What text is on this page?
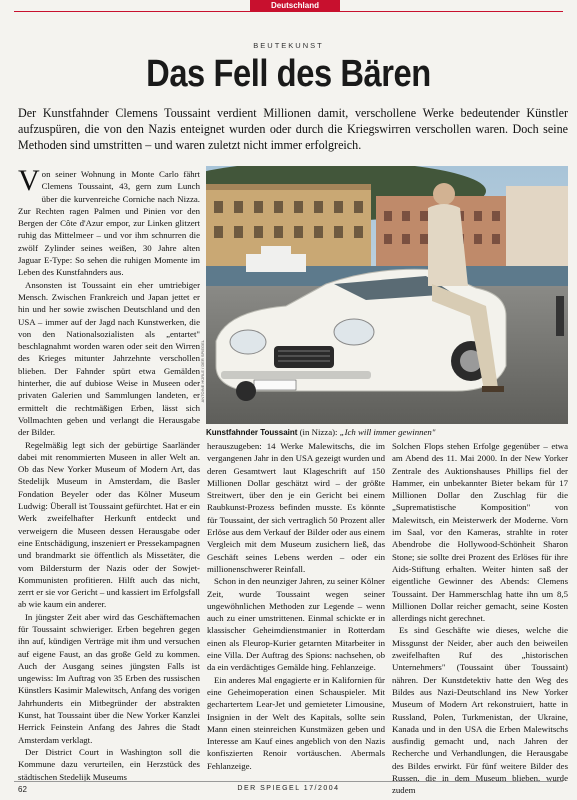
Deutschland
BEUTEKUNST
Das Fell des Bären

Der Kunstfahnder Clemens Toussaint verdient Millionen damit, verschollene Werke bedeutender Künstler aufzuspüren, die von den Nazis enteignet wurden oder durch die Kriegswirren verschollen waren. Doch seine Methoden sind umstritten – und waren zuletzt nicht immer erfolgreich.

Von seiner Wohnung in Monte Carlo fährt Clemens Toussaint, 43, gern zum Lunch über die kurvenreiche Corniche nach Nizza. Zur Rechten ragen Palmen und Pinien vor den Bergen der Côte d'Azur empor, zur Linken glitzert ruhig das Mittelmeer – und vor ihm schnurren die zwölf Zylinder seines weißen, 30 Jahre alten Jaguar E-Type: So sehen die ruhigen Momente im Leben des Kunstfahnders aus.

Ansonsten ist Toussaint ein eher umtriebiger Mensch. Zwischen Frankreich und Japan jettet er hin und her sowie zwischen Deutschland und den USA – immer auf der Jagd nach Kunstwerken, die von den Nationalsozialisten als „entartet" beschlagnahmt worden waren oder seit den Wirren des Krieges mitunter Jahrzehnte verschollen blieben. Der Fahnder spürt etwa Gemälden hinterher, die auf dubiose Weise in Museen oder privaten Galerien und Sammlungen landeten, er ermittelt die rechtmäßigen Erben, lässt sich Vollmachten geben und verlangt die Herausgabe der Bilder.

Regelmäßig legt sich der gebürtige Saarländer dabei mit renommierten Museen in aller Welt an. Ob das New Yorker Museum of Modern Art, das Stedelijk Museum in Amsterdam, die Basler Fondation Beyeler oder das Kölner Museum Ludwig: Überall ist Toussaint gefürchtet. Hat er ein Werk zweifelhafter Herkunft entdeckt und verweigern die Museen dessen Herausgabe oder eine Entschädigung, inszeniert er Pressekampagnen und brandmarkt sie öffentlich als Missetäter, die vom Bildersturm der Nazis oder der Sowjet-Kommunisten profitieren. Hilft auch das nicht, zerrt er sie vor Gericht – und kassiert im Erfolgsfall ab wie kaum ein anderer.

In jüngster Zeit aber wird das Geschäftemachen für Toussaint schwieriger. Erben begehren gegen ihn auf, kündigen Verträge mit ihm und versuchen auf eigene Faust, an das große Geld zu kommen. Auch der Ausgang seines jüngsten Falls ist ungewiss: Im Auftrag von 35 Erben des russischen Künstlers Kasimir Malewitsch, Anfang des vorigen Jahrhunderts ein Mitbegründer der abstrakten Kunst, hat Toussaint über die New Yorker Kanzlei Herrick Feinstein Anfang des Jahres die Stadt Amsterdam verklagt.

Der District Court in Washington soll die Kommune dazu verurteilen, ein Herzstück des städtischen Stedelijk Museums

ANTOINE HÜRLE / DER SPIEGEL
Kunstfahnder Toussaint (in Nizza): „Ich will immer gewinnen"

herauszugeben: 14 Werke Malewitschs, die im vergangenen Jahr in den USA gezeigt wurden und deren Gesamtwert laut Klageschrift auf 150 Millionen Dollar geschätzt wird – der größte Streitwert, über den je ein Gericht bei einem Raubkunst-Prozess befinden musste. Es könnte für Toussaint, der sich vertraglich 50 Prozent aller Erlöse aus dem Verkauf der Bilder oder aus einem Vergleich mit dem Museum zusichern ließ, das Geschäft seines Lebens werden – oder ein millionenschwerer Reinfall.

Schon in den neunziger Jahren, zu seiner Kölner Zeit, wurde Toussaint wegen seiner ungewöhnlichen Methoden zur Legende – wenn auch zu einer umstrittenen. Einmal schickte er in klassischer Geheimdienstmanier in Rotterdam einen als Fleurop-Kurier getarnten Mitarbeiter in eine Villa. Der Auftrag des Spions: nachsehen, ob da ein verdächtiges Gemälde hing. Fehlanzeige.

Ein anderes Mal engagierte er in Kalifornien für eine Geheimoperation einen Schauspieler. Mit gechartertem Lear-Jet und gemieteter Limousine, Insignien in der Welt des Kapitals, sollte sein Mann einen steinreichen Kunstmäzen geben und Interesse am Kauf eines angeblich von den Nazis konfiszierten Renoir vortäuschen. Abermals Fehlanzeige.

Solchen Flops stehen Erfolge gegenüber – etwa am Abend des 11. Mai 2000. In der New Yorker Zentrale des Auktionshauses Phillips fiel der Hammer, ein unbekannter Bieter bekam für 17 Millionen Dollar den Zuschlag für die „Suprematistische Komposition" von Malewitsch, ein Meisterwerk der Moderne. Vorn im Saal, vor den Kameras, strahlte in roter Abendrobe die Hollywood-Schönheit Sharon Stone; sie sollte drei Prozent des Erlöses für ihre Aids-Stiftung erhalten. Weiter hinten saß der eigentliche Gewinner des Abends: Clemens Toussaint. Der Hammerschlag hatte ihn um 8,5 Millionen Dollar reicher gemacht, seine Kosten allerdings nicht gerechnet.

Es sind Geschäfte wie dieses, welche die Missgunst der Neider, aber auch den beiweilen zweifelhaften Ruf des „historischen Unternehmers" (Toussaint über Toussaint) nähren. Der Kunstdetektiv hatte den Weg des Bildes aus Nazi-Deutschland ins New Yorker Museum of Modern Art rekonstruiert, hatte in Russland, Polen, Turkmenistan, der Ukraine, Kanada und in den USA die Erben Malewitschs ausfindig gemacht und, nach Jahren der Recherche und Verhandlungen, die Herausgabe des Bildes erwirkt. Für fünf weitere Bilder des Russen, die in dem Museum blieben, wurde zudem

62	DER SPIEGEL 17/2004
